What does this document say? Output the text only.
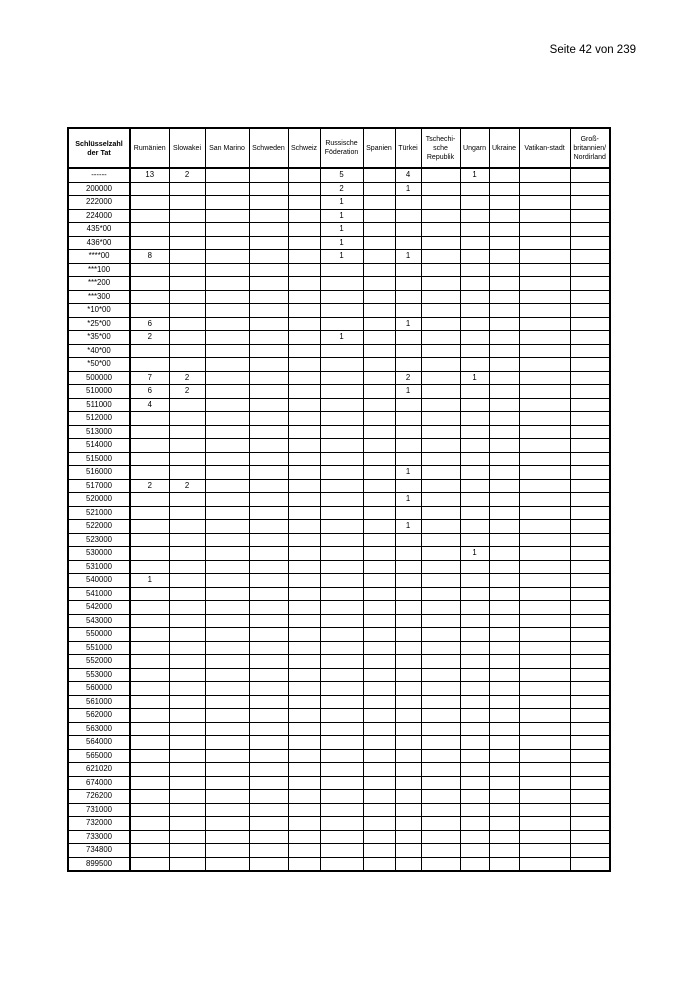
Seite 42 von 239
Schlüsselzahl der Tat	Rumänien	Slowakei	San Marino	Schweden	Schweiz	Russische Föderation	Spanien	Türkei	Tschechi-sche Republik	Ungarn	Ukraine	Vatikan-stadt	Groß-britannien/ Nordirland
------	13	2				5		4		1			
200000						2		1					
222000						1							
224000						1							
435*00						1							
436*00						1							
****00	8					1		1					
***100													
***200													
***300													
*10*00													
*25*00	6							1					
*35*00	2					1							
*40*00													
*50*00													
500000	7	2						2		1			
510000	6	2						1					
511000	4												
512000													
513000													
514000													
515000													
516000								1					
517000	2	2											
520000								1					
521000													
522000								1					
523000													
530000										1			
531000													
540000	1												
541000													
542000													
543000													
550000													
551000													
552000													
553000													
560000													
561000													
562000													
563000													
564000													
565000													
621020													
674000													
726200													
731000													
732000													
733000													
734800													
899500													
